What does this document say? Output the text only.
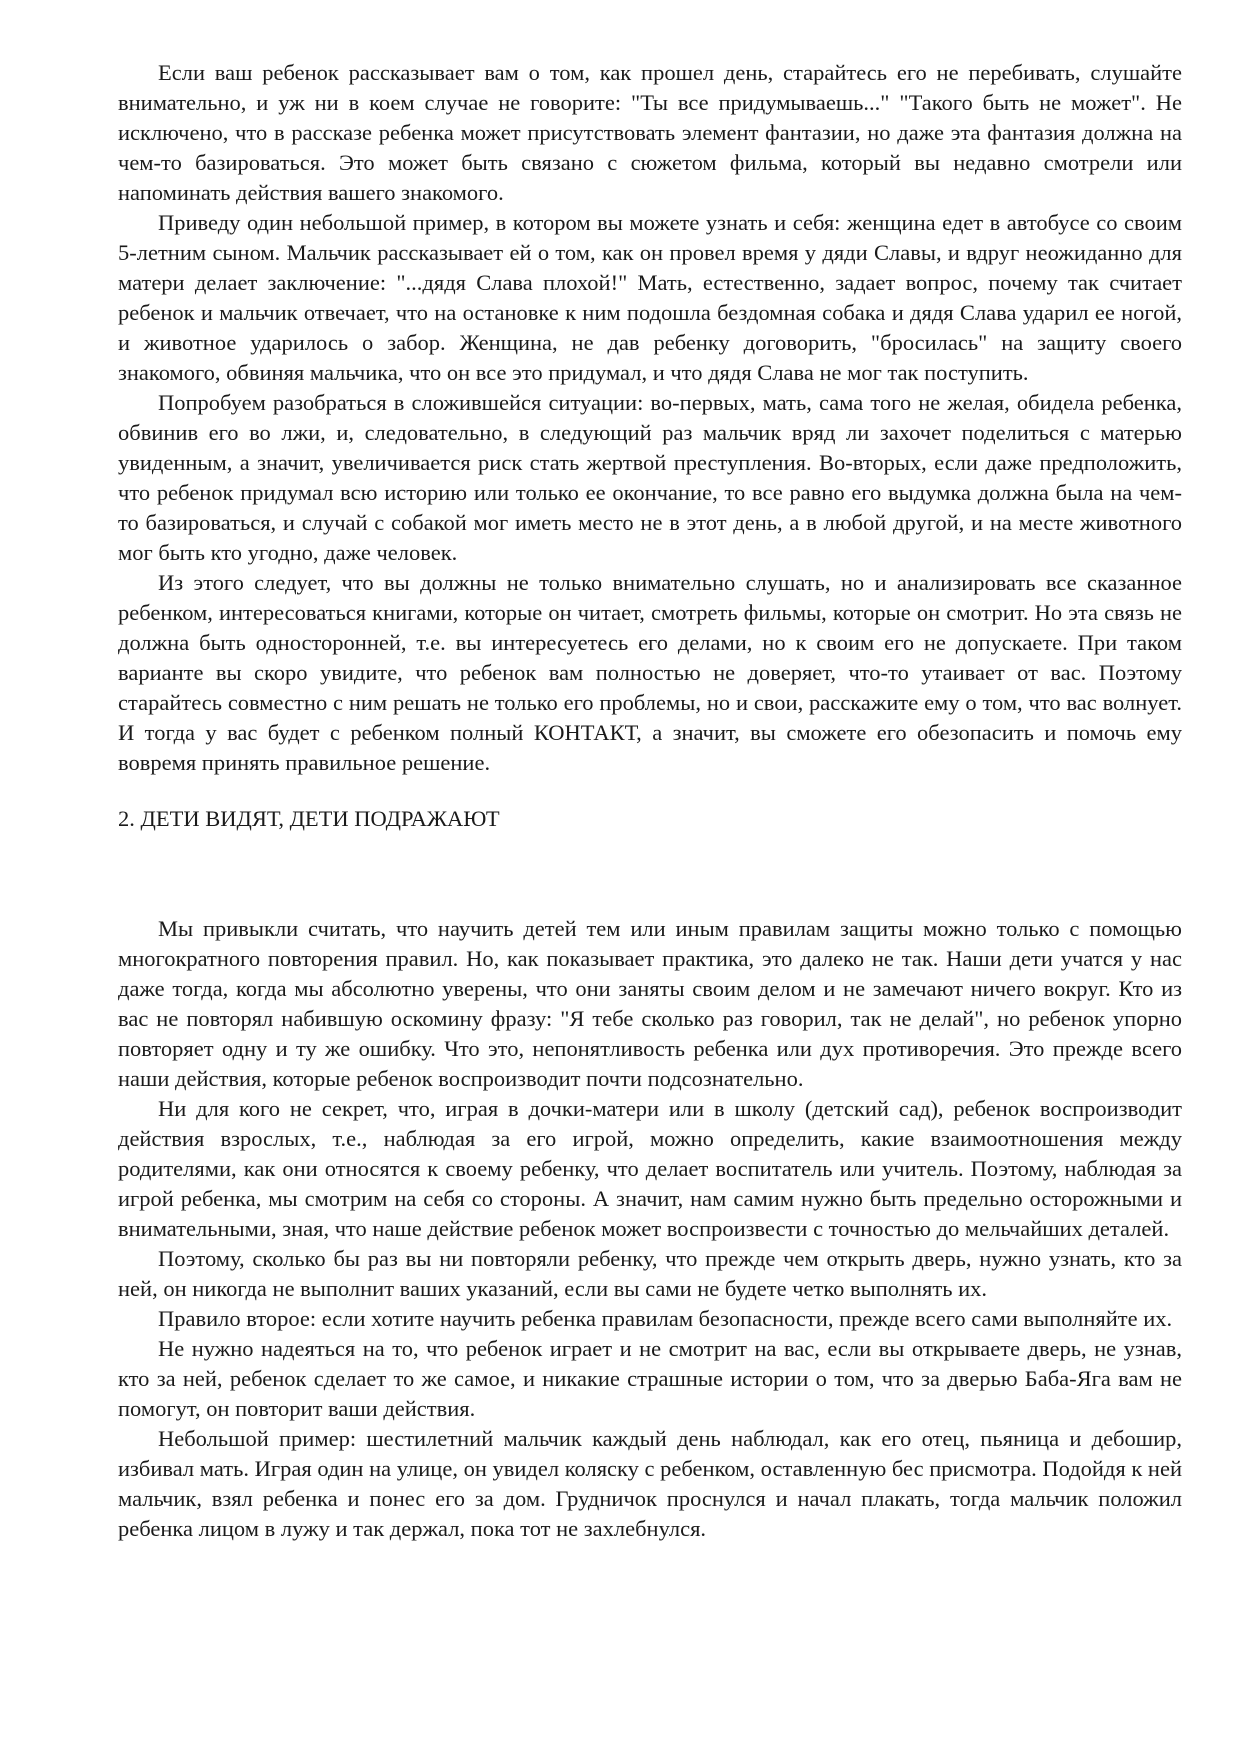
Если ваш ребенок рассказывает вам о том, как прошел день, старайтесь его не перебивать, слушайте внимательно, и уж ни в коем случае не говорите: "Ты все придумываешь..." "Такого быть не может". Не исключено, что в рассказе ребенка может присутствовать элемент фантазии, но даже эта фантазия должна на чем-то базироваться. Это может быть связано с сюжетом фильма, который вы недавно смотрели или напоминать действия вашего знакомого.

Приведу один небольшой пример, в котором вы можете узнать и себя: женщина едет в автобусе со своим 5-летним сыном. Мальчик рассказывает ей о том, как он провел время у дяди Славы, и вдруг неожиданно для матери делает заключение: "...дядя Слава плохой!" Мать, естественно, задает вопрос, почему так считает ребенок и мальчик отвечает, что на остановке к ним подошла бездомная собака и дядя Слава ударил ее ногой, и животное ударилось о забор. Женщина, не дав ребенку договорить, "бросилась" на защиту своего знакомого, обвиняя мальчика, что он все это придумал, и что дядя Слава не мог так поступить.

Попробуем разобраться в сложившейся ситуации: во-первых, мать, сама того не желая, обидела ребенка, обвинив его во лжи, и, следовательно, в следующий раз мальчик вряд ли захочет поделиться с матерью увиденным, а значит, увеличивается риск стать жертвой преступления. Во-вторых, если даже предположить, что ребенок придумал всю историю или только ее окончание, то все равно его выдумка должна была на чем-то базироваться, и случай с собакой мог иметь место не в этот день, а в любой другой, и на месте животного мог быть кто угодно, даже человек.

Из этого следует, что вы должны не только внимательно слушать, но и анализировать все сказанное ребенком, интересоваться книгами, которые он читает, смотреть фильмы, которые он смотрит. Но эта связь не должна быть односторонней, т.е. вы интересуетесь его делами, но к своим его не допускаете. При таком варианте вы скоро увидите, что ребенок вам полностью не доверяет, что-то утаивает от вас. Поэтому старайтесь совместно с ним решать не только его проблемы, но и свои, расскажите ему о том, что вас волнует. И тогда у вас будет с ребенком полный КОНТАКТ, а значит, вы сможете его обезопасить и помочь ему вовремя принять правильное решение.

2. ДЕТИ ВИДЯТ, ДЕТИ ПОДРАЖАЮТ

Мы привыкли считать, что научить детей тем или иным правилам защиты можно только с помощью многократного повторения правил. Но, как показывает практика, это далеко не так. Наши дети учатся у нас даже тогда, когда мы абсолютно уверены, что они заняты своим делом и не замечают ничего вокруг. Кто из вас не повторял набившую оскомину фразу: "Я тебе сколько раз говорил, так не делай", но ребенок упорно повторяет одну и ту же ошибку. Что это, непонятливость ребенка или дух противоречия. Это прежде всего наши действия, которые ребенок воспроизводит почти подсознательно.

Ни для кого не секрет, что, играя в дочки-матери или в школу (детский сад), ребенок воспроизводит действия взрослых, т.е., наблюдая за его игрой, можно определить, какие взаимоотношения между родителями, как они относятся к своему ребенку, что делает воспитатель или учитель. Поэтому, наблюдая за игрой ребенка, мы смотрим на себя со стороны. А значит, нам самим нужно быть предельно осторожными и внимательными, зная, что наше действие ребенок может воспроизвести с точностью до мельчайших деталей.

Поэтому, сколько бы раз вы ни повторяли ребенку, что прежде чем открыть дверь, нужно узнать, кто за ней, он никогда не выполнит ваших указаний, если вы сами не будете четко выполнять их.

Правило второе: если хотите научить ребенка правилам безопасности, прежде всего сами выполняйте их.

Не нужно надеяться на то, что ребенок играет и не смотрит на вас, если вы открываете дверь, не узнав, кто за ней, ребенок сделает то же самое, и никакие страшные истории о том, что за дверью Баба-Яга вам не помогут, он повторит ваши действия.

Небольшой пример: шестилетний мальчик каждый день наблюдал, как его отец, пьяница и дебошир, избивал мать. Играя один на улице, он увидел коляску с ребенком, оставленную бес присмотра. Подойдя к ней мальчик, взял ребенка и понес его за дом. Грудничок проснулся и начал плакать, тогда мальчик положил ребенка лицом в лужу и так держал, пока тот не захлебнулся.
